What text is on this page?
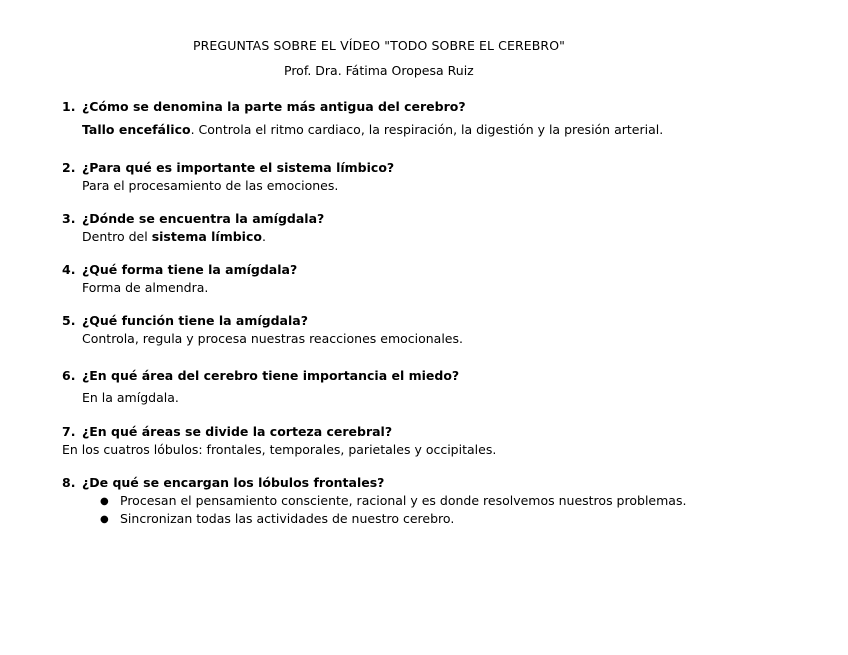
PREGUNTAS SOBRE EL VÍDEO "TODO SOBRE EL CEREBRO"
Prof. Dra. Fátima Oropesa Ruiz
1. ¿Cómo se denomina la parte más antigua del cerebro?
Tallo encefálico. Controla el ritmo cardiaco, la respiración, la digestión y la presión arterial.
2. ¿Para qué es importante el sistema límbico?
Para el procesamiento de las emociones.
3. ¿Dónde se encuentra la amígdala?
Dentro del sistema límbico.
4. ¿Qué forma tiene la amígdala?
Forma de almendra.
5. ¿Qué función tiene la amígdala?
Controla, regula y procesa nuestras reacciones emocionales.
6. ¿En qué área del cerebro tiene importancia el miedo?
En la amígdala.
7. ¿En qué áreas se divide la corteza cerebral?
En los cuatros lóbulos: frontales, temporales, parietales y occipitales.
8. ¿De qué se encargan los lóbulos frontales?
● Procesan el pensamiento consciente, racional y es donde resolvemos nuestros problemas.
● Sincronizan todas las actividades de nuestro cerebro.
